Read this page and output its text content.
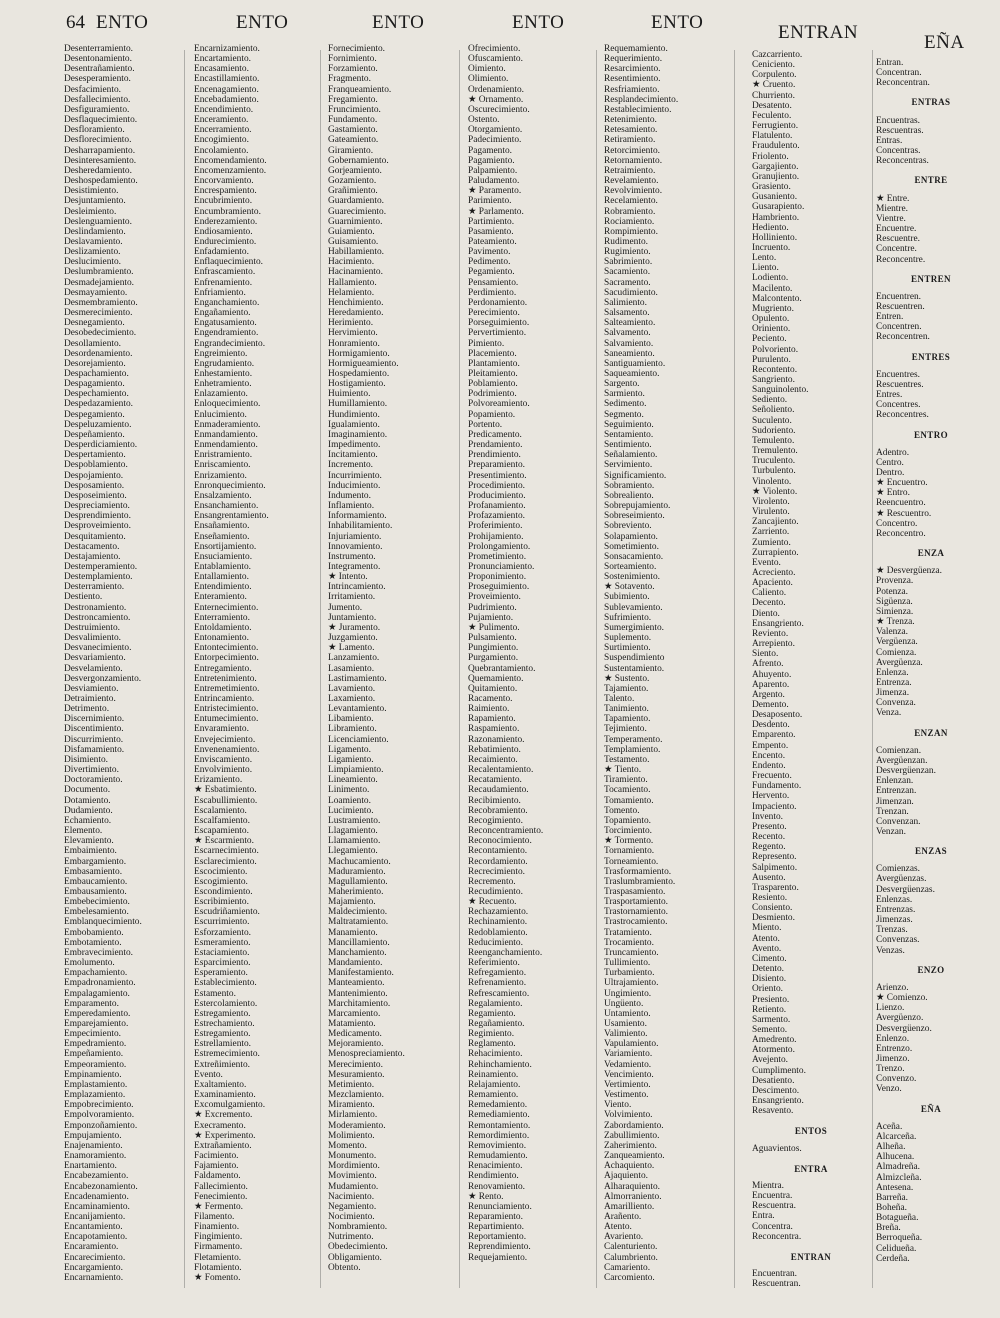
64 ENTO	ENTO	ENTO	ENTO	ENTO	ENTRAN	EÑA
Desenterramiento.
Desentonamiento.
Desentrañamiento.
Desesperamiento.
Desfacimiento.
Desfallecimiento.
Desfiguramiento.
Desflaquecimiento.
Desfloramiento.
Desflorecimiento.
Desharrapamiento.
Desinteresamiento.
Desheredamiento.
Deshospedamiento.
Desistimiento.
Desjuntamiento.
Desleimiento.
Deslenguamiento.
Deslindamiento.
Deslavamiento.
Deslizamiento.
Deslucimiento.
Deslumbramiento.
Desmadejamiento.
Desmayamiento.
Desmembramiento.
Desmerecimiento.
Desnegamiento.
Desobedecimiento.
Desollamiento.
Desordenamiento.
Desorejamiento.
Despachamiento.
Despagamiento.
Despechamiento.
Despedazamiento.
Despegamiento.
Despeluzamiento.
Despeñamiento.
Desperdiciamiento.
Despertamiento.
Despoblamiento.
Despojamiento.
Desposamiento.
Desposeimiento.
Despreciamiento.
Desprendimiento.
Desproveimiento.
Desquitamiento.
Destacamento.
Destajamiento.
Destemperamiento.
Destemplamiento.
Desterramiento.
Destiento.
Destronamiento.
Destroncamiento.
Destruimiento.
Desvalimiento.
Desvanecimiento.
Desvariamiento.
Desvelamiento.
Desvergonzamiento.
Desviamiento.
Detraimiento.
Detrimento.
Discernimiento.
Discentimiento.
Discurrimiento.
Disfamamiento.
Disimiento.
Divertimiento.
Doctoramiento.
Documento.
Dotamiento.
Dudamiento.
Echamiento.
Elemento.
Elevamiento.
Embaimiento.
Embargamiento.
Embasamiento.
Embaucamiento.
Embausamiento.
Embebecimiento.
Embelesamiento.
Emblanquecimiento.
Embobamiento.
Embotamiento.
Embravecimiento.
Emolumento.
Empachamiento.
Empadronamiento.
Empalagamiento.
Emparamento.
Emperedamiento.
Emparejamiento.
Empecimiento.
Empedramiento.
Empeñamiento.
Empeoramiento.
Empinamiento.
Emplastamiento.
Emplazamiento.
Empobrecimiento.
Empolvoramiento.
Emponzoñamiento.
Empujamiento.
Enajenamiento.
Enamoramiento.
Enartamiento.
Encabezamiento.
Encabezonamiento.
Encadenamiento.
Encaminamiento.
Encanijamiento.
Encantamiento.
Encapotamiento.
Encaramiento.
Encarecimiento.
Encargamiento.
Encarnamiento.
Encarnizamiento.
Encartamiento.
Encasamiento.
Encastillamiento.
Encenagamiento.
Encebadamiento.
Encendimiento.
Enceramiento.
Encerramiento.
Encogimiento.
Encolamiento.
Encomendamiento.
Encomenzamiento.
Encorvamiento.
Encrespamiento.
Encubrimiento.
Encumbramiento.
Enderezamiento.
Endiosamiento.
Endurecimiento.
Enfadamiento.
Enflaquecimiento.
Enfrascamiento.
Enfrenamiento.
Enfriamiento.
Enganchamiento.
Engañamiento.
Engatusamiento.
Engendramiento.
Engrandecimiento.
Engreimiento.
Engrudamiento.
Enhestamiento.
Enhetramiento.
Enlazamiento.
Enloquecimiento.
Enlucimiento.
Enmaderamiento.
Enmandamiento.
Enmendamiento.
Enristramiento.
Enriscamiento.
Enrizamiento.
Enronquecimiento.
Ensalzamiento.
Ensanchamiento.
Ensangrentamiento.
Ensañamiento.
Enseñamiento.
Ensortijamiento.
Ensuciamiento.
Entablamiento.
Entallamiento.
Entendimiento.
Enteramiento.
Enternecimiento.
Enterramiento.
Entoldamiento.
Entonamiento.
Entontecimiento.
Entorpecimiento.
Entregamiento.
Entretenimiento.
Entremetimiento.
Entrincamiento.
Entristecimiento.
Entumecimiento.
Envaramiento.
Envejecimiento.
Envenenamiento.
Enviscamiento.
Envolvimiento.
Erizamiento.
★ Esbatimiento.
Escabullimiento.
Escalamiento.
Escalfamiento.
Escapamiento.
★ Escarmiento.
Escarnecimiento.
Esclarecimiento.
Escocimiento.
Escogimiento.
Escondimiento.
Escribimiento.
Escudriñamiento.
Escurrimiento.
Esforzamiento.
Esmeramiento.
Estaciamiento.
Esparcimiento.
Esperamiento.
Establecimiento.
Estamento.
Estercolamiento.
Estregamiento.
Estrechamiento.
Estregamiento.
Estrellamiento.
Estremecimiento.
Extreñimiento.
Evento.
Exaltamiento.
Examinamiento.
Excomulgamiento.
★ Excremento.
Execramento.
★ Experimento.
Extrañamiento.
Facimiento.
Fajamiento.
Faldamento.
Fallecimiento.
Fenecimiento.
★ Fermento.
Filamento.
Finamiento.
Fingimiento.
Firmamento.
Fletamiento.
Flotamiento.
★ Fomento.
Fornecimiento.
Fornimiento.
Forzamiento.
Fragmento.
Franqueamiento.
Fregamiento.
Fruncimiento.
Fundamento.
Gastamiento.
Gateamiento.
Giramiento.
Gobernamiento.
Gorjeamiento.
Gozamiento.
Grañimiento.
Guardamiento.
Guarecimiento.
Guarnimiento.
Guiamiento.
Guisamiento.
Habillamiento.
Hacimiento.
Hacinamiento.
Hallamiento.
Helamiento.
Henchimiento.
Heredamiento.
Herimiento.
Hervimiento.
Honramiento.
Hormigamiento.
Hormigueamiento.
Hospedamiento.
Hostigamiento.
Huimiento.
Humillamiento.
Hundimiento.
Igualamiento.
Imaginamiento.
Impedimento.
Incitamiento.
Incremento.
Incurrimiento.
Inducimiento.
Indumento.
Inflamiento.
Informamiento.
Inhabilitamiento.
Injuriamiento.
Innovamiento.
Instrumento.
Integramento.
★ Intento.
Intrincamiento.
Irritamiento.
Jumento.
Juntamiento.
★ Juramento.
Juzgamiento.
★ Lamento.
Lanzamiento.
Lasamiento.
Lastimamiento.
Lavamiento.
Laxamiento.
Levantamiento.
Libamiento.
Libramiento.
Licenciamiento.
Ligamento.
Ligamiento.
Limpiamiento.
Lineamiento.
Linimento.
Loamiento.
Lucimiento.
Lustramiento.
Llagamiento.
Llamamiento.
Llegamiento.
Machucamiento.
Maduramiento.
Magullamiento.
Maherimiento.
Majamiento.
Maldecimiento.
Maltratamiento.
Manamiento.
Mancillamiento.
Manchamiento.
Mandamiento.
Manifestamiento.
Manteamiento.
Mantenimiento.
Marchitamiento.
Marcamiento.
Matamiento.
Medicamento.
Mejoramiento.
Menospreciamiento.
Merecimiento.
Mesuramiento.
Metimiento.
Mezclamiento.
Miramiento.
Mirlamiento.
Moderamiento.
Molimiento.
Momento.
Monumento.
Mordimiento.
Movimiento.
Mudamiento.
Nacimiento.
Negamiento.
Nocimiento.
Nombramiento.
Nutrimento.
Obedecimiento.
Obligamiento.
Obtento.
Ofrecimiento.
Ofuscamiento.
Oimiento.
Olimiento.
Ordenamiento.
★ Ornamento.
Oscurecimiento.
Ostento.
Otorgamiento.
Padecimiento.
Pagamento.
Pagamiento.
Palpamiento.
Paludamento.
★ Paramento.
Parimiento.
★ Parlamento.
Partimiento.
Pasamiento.
Pateamiento.
Pavimento.
Pedimento.
Pegamiento.
Pensamiento.
Perdimiento.
Perdonamiento.
Perecimiento.
Porseguimiento.
Pervertimiento.
Pimiento.
Placemiento.
Plantamiento.
Pleitamiento.
Poblamiento.
Podrimiento.
Polvoreamiento.
Popamiento.
Portento.
Predicamento.
Prendamiento.
Prendimiento.
Preparamiento.
Presentimiento.
Procedimiento.
Producimiento.
Profanamiento.
Profazamiento.
Proferimiento.
Prohijamiento.
Prolongamiento.
Prometimiento.
Pronunciamiento.
Proponimiento.
Proseguimiento.
Proveimiento.
Pudrimiento.
Pujamiento.
★ Pulimento.
Pulsamiento.
Pungimiento.
Purgamiento.
Quebrantamiento.
Quemamiento.
Quitamiento.
Racamento.
Raimiento.
Rapamiento.
Raspamiento.
Razonamiento.
Rebatimiento.
Recaimiento.
Recalentamiento.
Recatamiento.
Recaudamiento.
Recibimiento.
Recobramiento.
Recogimiento.
Reconcentramiento.
Reconocimiento.
Recontamiento.
Recordamiento.
Recrecimiento.
Recremento.
Recudimiento.
★ Recuento.
Rechazamiento.
Rechinamiento.
Redoblamiento.
Reducimiento.
Reenganchamiento.
Referimiento.
Refregamiento.
Refrenamiento.
Refrescamiento.
Regalamiento.
Regamiento.
Regañamiento.
Regimiento.
Reglamento.
Rehacimiento.
Rehinchamiento.
Reinamiento.
Relajamiento.
Remamiento.
Remedamiento.
Remediamiento.
Remontamiento.
Remordimiento.
Removimiento.
Remudamiento.
Renacimiento.
Rendimiento.
Renovamiento.
★ Rento.
Renunciamiento.
Reparamiento.
Repartimiento.
Reportamiento.
Reprendimiento.
Requejamiento.
Requemamiento.
Requerimiento.
Resarcimiento.
Resentimiento.
Resfriamiento.
Resplandecimiento.
Restablecimiento.
Retenimiento.
Retesamiento.
Retiramiento.
Retorcimiento.
Retornamiento.
Retraimiento.
Revelamiento.
Revolvimiento.
Recelamiento.
Robramiento.
Rociamiento.
Rompimiento.
Rudimento.
Rugimiento.
Sabrimiento.
Sacamiento.
Sacramento.
Sacudimiento.
Salimiento.
Salsamento.
Salteamiento.
Salvamento.
Salvamiento.
Saneamiento.
Santiguamiento.
Saqueamiento.
Sargento.
Sarmiento.
Sedimento.
Segmento.
Seguimiento.
Sentamiento.
Sentimiento.
Señalamiento.
Servimiento.
Significamiento.
Sobramiento.
Sobrealiento.
Sobrepujamiento.
Sobreseimiento.
Sobreviento.
Solapamiento.
Sometimiento.
Sonsacamiento.
Sorteamiento.
Sostenimiento.
★ Sotavento.
Subimiento.
Sublevamiento.
Sufrimiento.
Sumergimiento.
Suplemento.
Surtimiento.
Suspendimiento
Sustentamiento.
★ Sustento.
Tajamiento.
Talento.
Tanimiento.
Tapamiento.
Tejimiento.
Temperamento.
Templamiento.
Testamento.
★ Tiento.
Tiramiento.
Tocamiento.
Tomamiento.
Tomento.
Topamiento.
Torcimiento.
★ Tormento.
Tornamiento.
Torneamiento.
Trasformamiento.
Traslumbramiento.
Traspasamiento.
Trasportamiento.
Trastornamiento.
Trastrocamiento.
Tratamiento.
Trocamiento.
Truncamiento.
Tullimiento.
Turbamiento.
Ultrajamiento.
Ungimiento.
Ungüento.
Untamiento.
Usamiento.
Valimiento.
Vapulamiento.
Variamiento.
Vedamiento.
Vencimiento.
Vertimiento.
Vestimento.
Viento.
Volvimiento.
Zabordamiento.
Zabullimiento.
Zaherimiento.
Zanqueamiento.
Achaquiento.
Ajaquiento.
Alharaquiento.
Almorraniento.
Amarilliento.
Arañento.
Atento.
Avariento.
Calenturiento.
Calumbriento.
Camariento.
Carcomiento.
Cazcarriento.
Ceniciento.
Corpulento.
★ Cruento.
Churriento.
Desatento.
Feculento.
Ferrugiento.
Flatulento.
Fraudulento.
Friolento.
Gargajiento.
Granujiento.
Grasiento.
Gusaniento.
Gusarapiento.
Hambriento.
Hediento.
Holliniento.
Incruento.
Lento.
Liento.
Lodiento.
Macilento.
Malcontento.
Mugriento.
Opulento.
Oriniento.
Peciento.
Polvoriento.
Purulento.
Recontento.
Sangriento.
Sanguinolento.
Sediento.
Señoliento.
Suculento.
Sudoriento.
Temulento.
Tremulento.
Truculento.
Turbulento.
Vinolento.
★ Violento.
Virolento.
Virulento.
Zancajiento.
Zarriento.
Zumiento.
Zurrapiento.
Evento.
Acreciento.
Apaciento.
Caliento.
Decento.
Diento.
Ensangriento.
Reviento.
Arrepiento.
Siento.
Afrento.
Ahuyento.
Aparento.
Argento.
Demento.
Desaposento.
Desdento.
Emparento.
Empento.
Encento.
Endento.
Frecuento.
Fundamento.
Hervento.
Impaciento.
Invento.
Presento.
Recento.
Regento.
Represento.
Salpimento.
Ausento.
Trasparento.
Resiento.
Consiento.
Desmiento.
Miento.
Atento.
Avento.
Cimento.
Detento.
Disiento.
Oriento.
Presiento.
Retiento.
Sarmento.
Semento.
Amedrento.
Atormento.
Avejento.
Cumplimento.
Desatiento.
Descimento.
Ensangriento.
Resavento.
ENTOS
Aguavientos.
ENTRA
Mientra.
Encuentra.
Rescuentra.
Entra.
Concentra.
Reconcentra.
ENTRAN
Encuentran.
Rescuentran.
Entran.
Concentran.
Reconcentran.
ENTRAS
Encuentras.
Rescuentras.
Entras.
Concentras.
Reconcentras.
ENTRE
★ Entre.
Mientre.
Vientre.
Encuentre.
Rescuentre.
Concentre.
Reconcentre.
ENTREN
Encuentren.
Rescuentren.
Entren.
Concentren.
Reconcentren.
ENTRES
Encuentres.
Rescuentres.
Entres.
Concentres.
Reconcentres.
ENTRO
Adentro.
Centro.
Dentro.
★ Encuentro.
★ Entro.
Reencuentro.
★ Rescuentro.
Concentro.
Reconcentro.
ENZA
★ Desvergüenza.
Provenza.
Potenza.
Sigüenza.
Simienza.
★ Trenza.
Valenza.
Vergüenza.
Comienza.
Avergüenza.
Enlenza.
Entrenza.
Jimenza.
Convenza.
Venza.
ENZAN
Comienzan.
Avergüenzan.
Desvergüenzan.
Enlenzan.
Entrenzan.
Jimenzan.
Trenzan.
Convenzan.
Venzan.
ENZAS
Comienzas.
Avergüenzas.
Desvergüenzas.
Enlenzas.
Entrenzas.
Jimenzas.
Trenzas.
Convenzas.
Venzas.
ENZO
Arienzo.
★ Comienzo.
Lienzo.
Avergüenzo.
Desvergüenzo.
Enlenzo.
Entrenzo.
Jimenzo.
Trenzo.
Convenzo.
Venzo.
EÑA
Aceña.
Alcarceña.
Alheña.
Alhucena.
Almadreña.
Almizcleña.
Antesena.
Barreña.
Boheña.
Botagueña.
Breña.
Berroqueña.
Celidueña.
Cerdeña.
